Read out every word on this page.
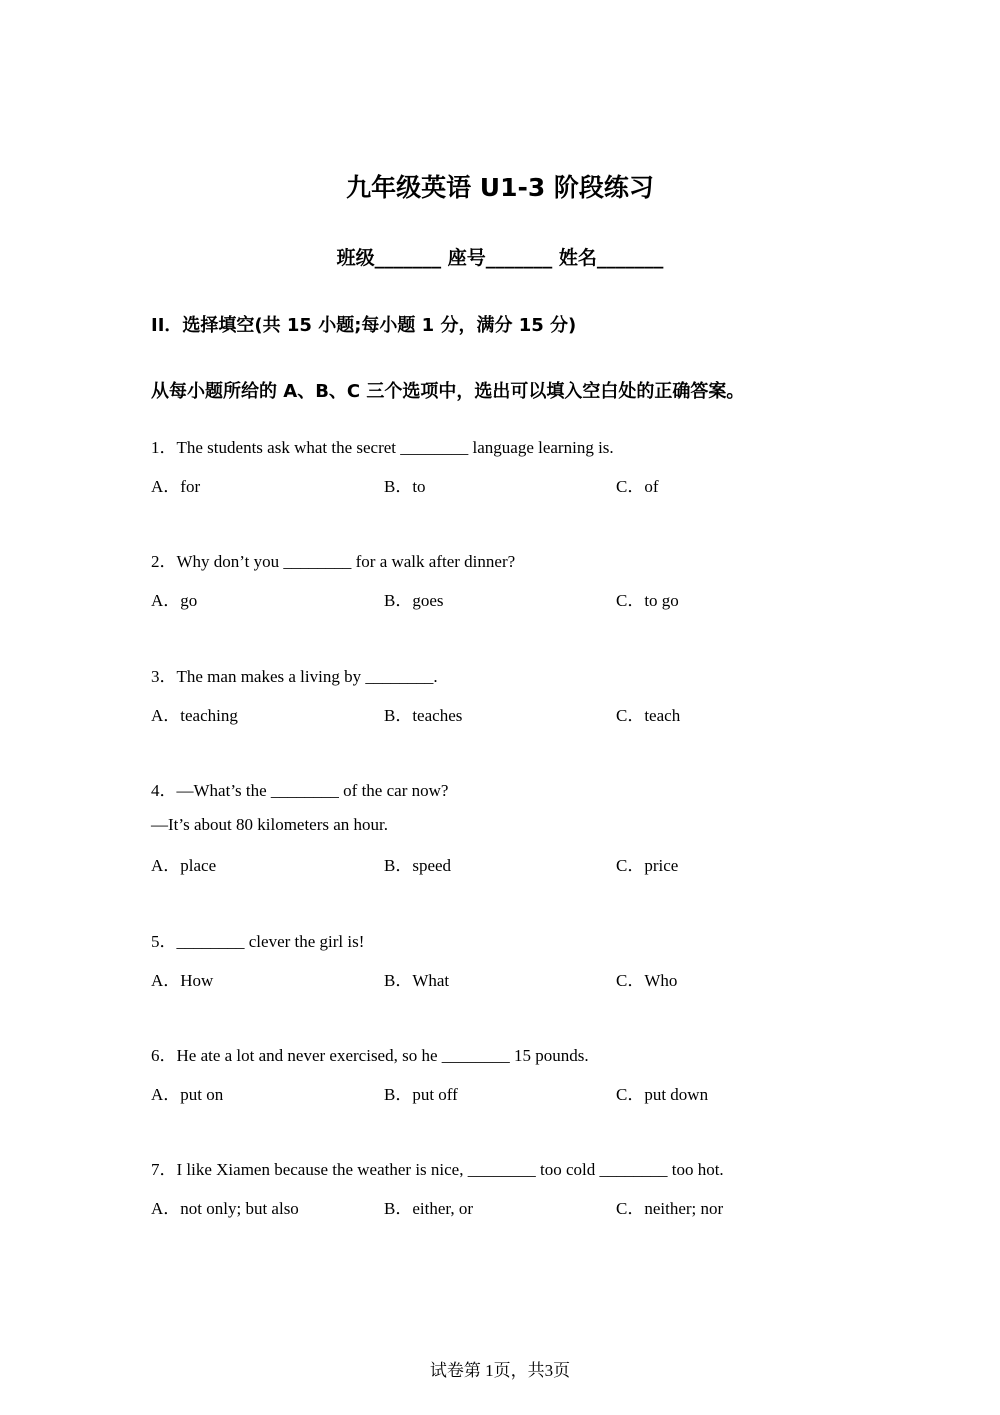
九年级英语 U1-3 阶段练习
班级_______ 座号_______ 姓名_______
II．选择填空(共 15 小题;每小题 1 分，满分 15 分)
从每小题所给的 A、B、C 三个选项中，选出可以填入空白处的正确答案。
1．The students ask what the secret ________ language learning is.
A．for	B．to	C．of
2．Why don’t you ________ for a walk after dinner?
A．go	B．goes	C．to go
3．The man makes a living by ________.
A．teaching	B．teaches	C．teach
4．—What’s the ________ of the car now?
—It’s about 80 kilometers an hour.
A．place	B．speed	C．price
5．________ clever the girl is!
A．How	B．What	C．Who
6．He ate a lot and never exercised, so he ________ 15 pounds.
A．put on	B．put off	C．put down
7．I like Xiamen because the weather is nice, ________ too cold ________ too hot.
A．not only; but also	B．either, or	C．neither; nor
试卷第 1页，共3页
